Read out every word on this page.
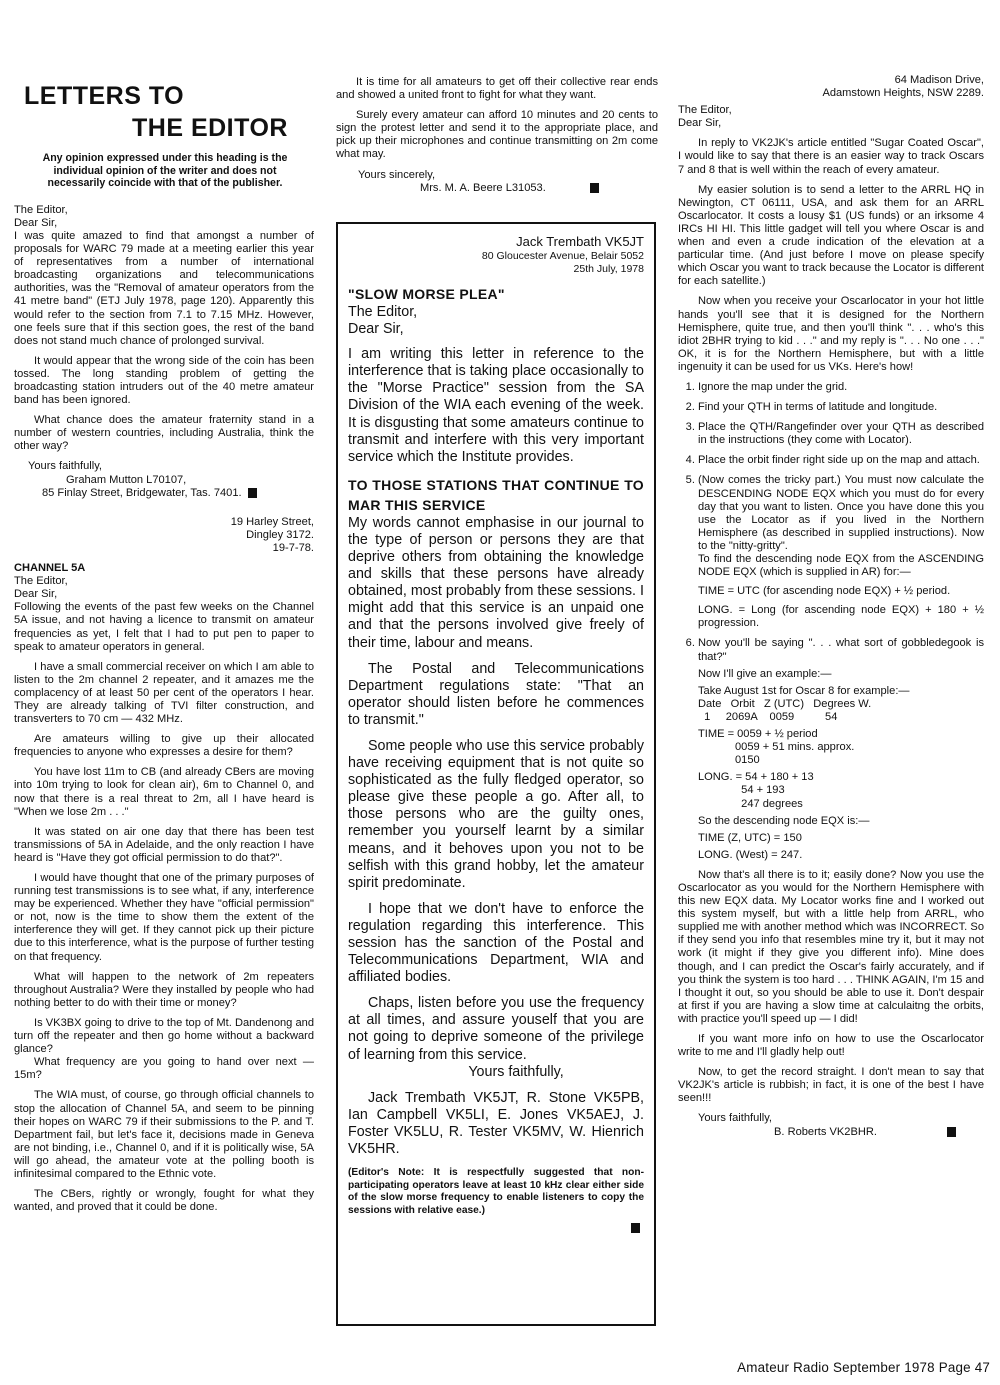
LETTERS TO
THE EDITOR
Any opinion expressed under this heading is the individual opinion of the writer and does not necessarily coincide with that of the publisher.

The Editor,

Dear Sir,

I was quite amazed to find that amongst a number of proposals for WARC 79 made at a meeting earlier this year of representatives from a number of international broadcasting organizations and telecommunications authorities, was the "Removal of amateur operators from the 41 metre band" (ETJ July 1978, page 120). Apparently this would refer to the section from 7.1 to 7.15 MHz. However, one feels sure that if this section goes, the rest of the band does not stand much chance of prolonged survival.

It would appear that the wrong side of the coin has been tossed. The long standing problem of getting the broadcasting station intruders out of the 40 metre amateur band has been ignored.

What chance does the amateur fraternity stand in a number of western countries, including Australia, think the other way?

Yours faithfully,

Graham Mutton L70107,

85 Finlay Street, Bridgewater, Tas. 7401.

19 Harley Street,

Dingley 3172.

19-7-78.

CHANNEL 5A

The Editor,

Dear Sir,

Following the events of the past few weeks on the Channel 5A issue, and not having a licence to transmit on amateur frequencies as yet, I felt that I had to put pen to paper to speak to amateur operators in general.

I have a small commercial receiver on which I am able to listen to the 2m channel 2 repeater, and it amazes me the complacency of at least 50 per cent of the operators I hear. They are already talking of TVI filter construction, and transverters to 70 cm — 432 MHz.

Are amateurs willing to give up their allocated frequencies to anyone who expresses a desire for them?

You have lost 11m to CB (and already CBers are moving into 10m trying to look for clean air), 6m to Channel 0, and now that there is a real threat to 2m, all I have heard is "When we lose 2m . . ."

It was stated on air one day that there has been test transmissions of 5A in Adelaide, and the only reaction I have heard is "Have they got official permission to do that?".

I would have thought that one of the primary purposes of running test transmissions is to see what, if any, interference may be experienced. Whether they have "official permission" or not, now is the time to show them the extent of the interference they will get. If they cannot pick up their picture due to this interference, what is the purpose of further testing on that frequency.

What will happen to the network of 2m repeaters throughout Australia? Were they installed by people who had nothing better to do with their time or money?

Is VK3BX going to drive to the top of Mt. Dandenong and turn off the repeater and then go home without a backward glance?

What frequency are you going to hand over next — 15m?

The WIA must, of course, go through official channels to stop the allocation of Channel 5A, and seem to be pinning their hopes on WARC 79 if their submissions to the P. and T. Department fail, but let's face it, decisions made in Geneva are not binding, i.e., Channel 0, and if it is politically wise, 5A will go ahead, the amateur vote at the polling booth is infinitesimal compared to the Ethnic vote.

The CBers, rightly or wrongly, fought for what they wanted, and proved that it could be done.

It is time for all amateurs to get off their collective rear ends and showed a united front to fight for what they want.

Surely every amateur can afford 10 minutes and 20 cents to sign the protest letter and send it to the appropriate place, and pick up their microphones and continue transmitting on 2m come what may.

Yours sincerely,

Mrs. M. A. Beere L31053.

Jack Trembath VK5JT

80 Gloucester Avenue, Belair 5052

25th July, 1978

"SLOW MORSE PLEA"

The Editor,

Dear Sir,

I am writing this letter in reference to the interference that is taking place occasionally to the "Morse Practice" session from the SA Division of the WIA each evening of the week. It is disgusting that some amateurs continue to transmit and interfere with this very important service which the Institute provides.

TO THOSE STATIONS THAT CONTINUE TO MAR THIS SERVICE

My words cannot emphasise in our journal to the type of person or persons they are that deprive others from obtaining the knowledge and skills that these persons have already obtained, most probably from these sessions. I might add that this service is an unpaid one and that the persons involved give freely of their time, labour and means.

The Postal and Telecommunications Department regulations state: "That an operator should listen before he commences to transmit."

Some people who use this service probably have receiving equipment that is not quite so sophisticated as the fully fledged operator, so please give these people a go. After all, to those persons who are the guilty ones, remember you yourself learnt by a similar means, and it behoves upon you not to be selfish with this grand hobby, let the amateur spirit predominate.

I hope that we don't have to enforce the regulation regarding this interference. This session has the sanction of the Postal and Telecommunications Department, WIA and affiliated bodies.

Chaps, listen before you use the frequency at all times, and assure youself that you are not going to deprive someone of the privilege of learning from this service.

Yours faithfully,

Jack Trembath VK5JT, R. Stone VK5PB, Ian Campbell VK5LI, E. Jones VK5AEJ, J. Foster VK5LU, R. Tester VK5MV, W. Hienrich VK5HR.

(Editor's Note: It is respectfully suggested that non-participating operators leave at least 10 kHz clear either side of the slow morse frequency to enable listeners to copy the sessions with relative ease.)

64 Madison Drive,

Adamstown Heights, NSW 2289.

The Editor,

Dear Sir,

In reply to VK2JK's article entitled "Sugar Coated Oscar", I would like to say that there is an easier way to track Oscars 7 and 8 that is well within the reach of every amateur.

My easier solution is to send a letter to the ARRL HQ in Newington, CT 06111, USA, and ask them for an ARRL Oscarlocator. It costs a lousy $1 (US funds) or an irksome 4 IRCs HI HI. This little gadget will tell you where Oscar is and when and even a crude indication of the elevation at a particular time. (And just before I move on please specify which Oscar you want to track because the Locator is different for each satellite.)

Now when you receive your Oscarlocator in your hot little hands you'll see that it is designed for the Northern Hemisphere, quite true, and then you'll think ". . . who's this idiot 2BHR trying to kid . . ." and my reply is ". . . No one . . ." OK, it is for the Northern Hemisphere, but with a little ingenuity it can be used for us VKs. Here's how!

1. Ignore the map under the grid.
2. Find your QTH in terms of latitude and longitude.
3. Place the QTH/Rangefinder over your QTH as described in the instructions (they come with Locator).
4. Place the orbit finder right side up on the map and attach.
5. (Now comes the tricky part.) You must now calculate the DESCENDING NODE EQX which you must do for every day that you want to listen. Once you have done this you use the Locator as if you lived in the Northern Hemisphere (as described in supplied instructions). Now to the "nitty-gritty".
To find the descending node EQX from the ASCENDING NODE EQX (which is supplied in AR) for:—
TIME = UTC (for ascending node EQX) + ½ period.
LONG. = Long (for ascending node EQX) + 180 + ½ progression.
6. Now you'll be saying ". . . what sort of gobbledegook is that?"
Now I'll give an example:—
Take August 1st for Oscar 8 for example:—
Date   Orbit   Z (UTC)   Degrees W.
1     2069A    0059          54
TIME = 0059 + ½ period
0059 + 51 mins. approx.
0150
LONG. = 54 + 180 + 13
54 + 193
247 degrees
So the descending node EQX is:—
TIME (Z, UTC) = 150
LONG. (West) = 247.

Now that's all there is to it; easily done? Now you use the Oscarlocator as you would for the Northern Hemisphere with this new EQX data. My Locator works fine and I worked out this system myself, but with a little help from ARRL, who supplied me with another method which was INCORRECT. So if they send you info that resembles mine try it, but it may not work (it might if they give you different info). Mine does though, and I can predict the Oscar's fairly accurately, and if you think the system is too hard . . . THINK AGAIN, I'm 15 and I thought it out, so you should be able to use it. Don't despair at first if you are having a slow time at calculaitng the orbits, with practice you'll speed up — I did!

If you want more info on how to use the Oscarlocator write to me and I'll gladly help out!

Now, to get the record straight. I don't mean to say that VK2JK's article is rubbish; in fact, it is one of the best I have seen!!!

Yours faithfully,

B. Roberts VK2BHR.

Amateur Radio September 1978 Page 47
